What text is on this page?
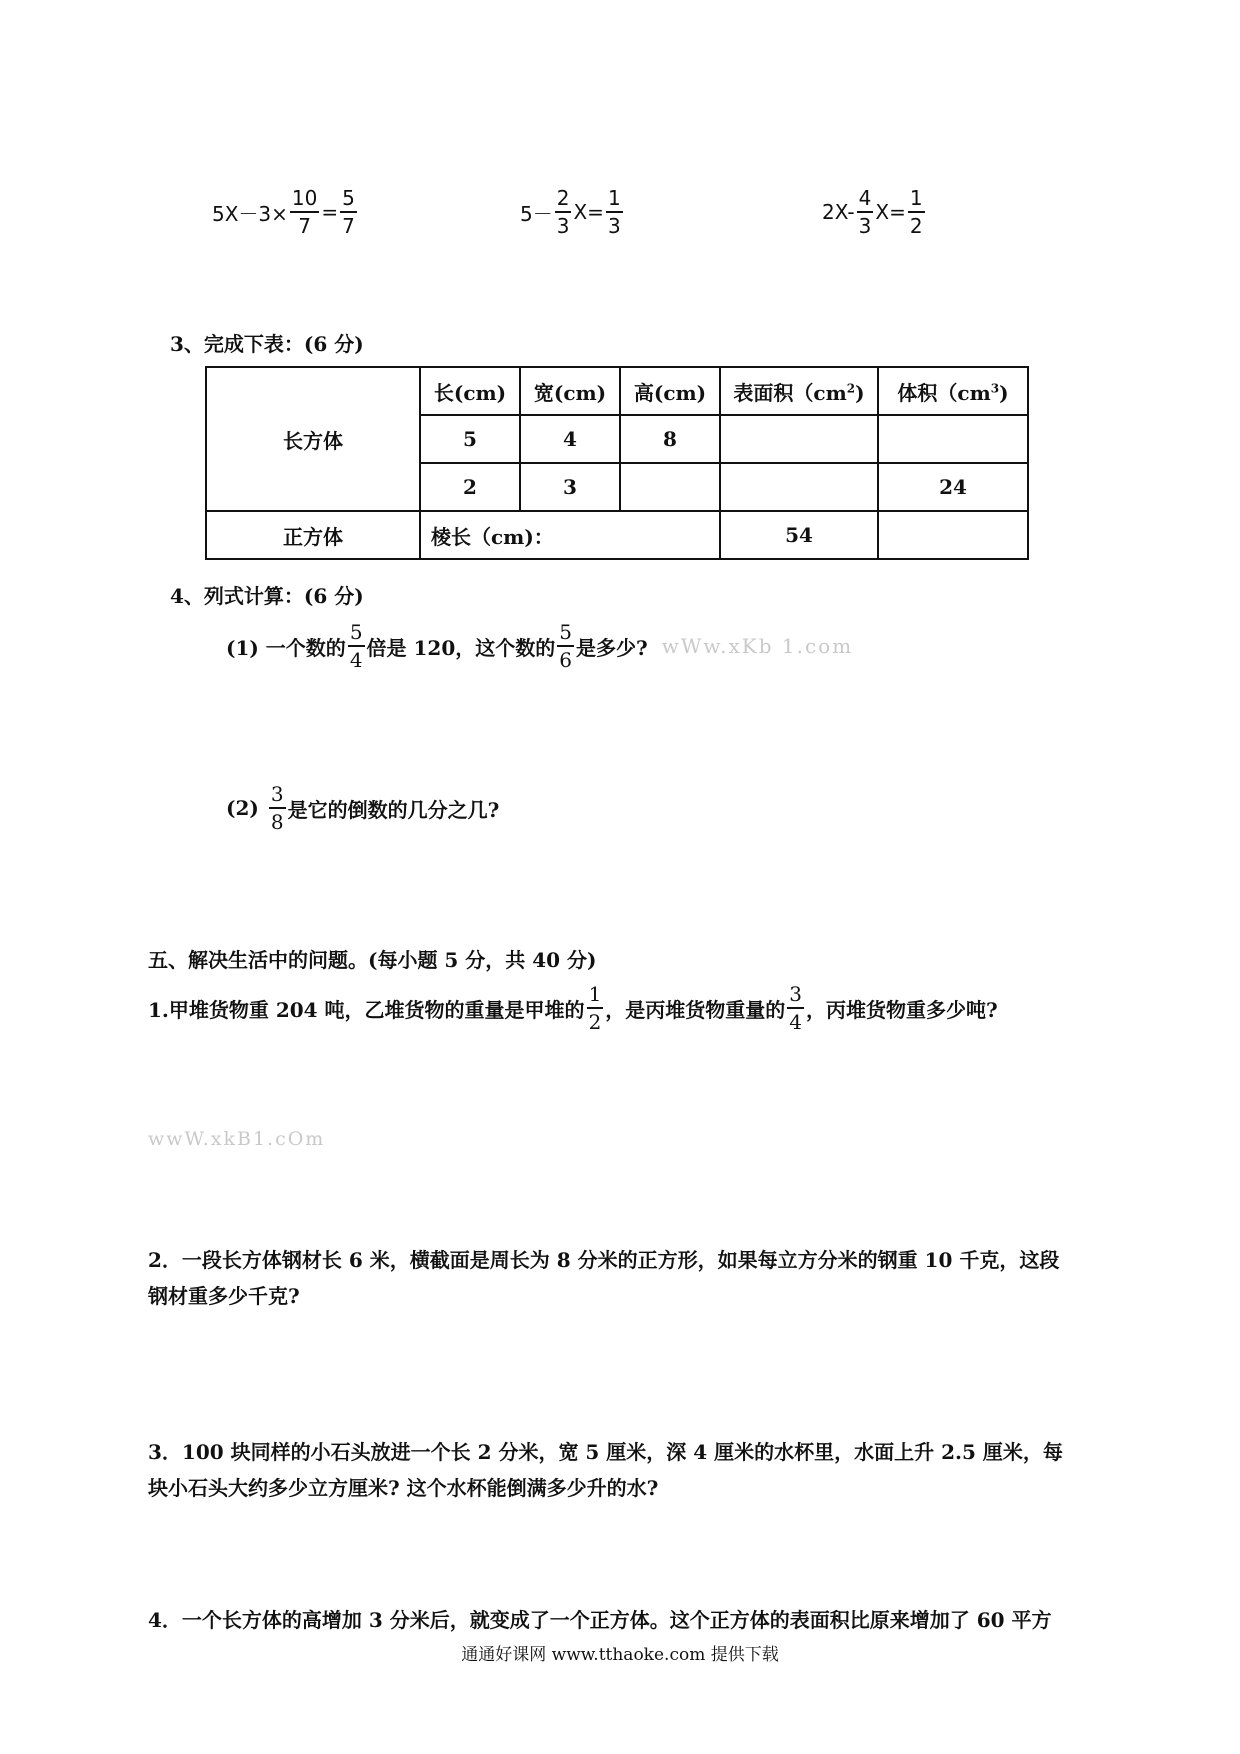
$5X-3\times \frac{10}{7} = \frac{5}{7}$	$5- \frac{2}{3} X= \frac{1}{3}$	$2X- \frac{4}{3} X= \frac{1}{2}$
3、完成下表：(6 分)
长方体	长(cm)	宽(cm)	高(cm)	表面积$(cm^2)$	体积$(cm^3)$
	5	4	8		
	2	3			24
正方体	棱长（cm)：			54	
4、列式计算：(6 分)
(1) 一个数的 $\frac{5}{4}$ 倍是 120，这个数的 $\frac{5}{6}$ 是多少? wWw.xKb 1.com
$(2) \frac{3}{8}$ 是它的倒数的几分之几?
五、解决生活中的问题。(每小题 5 分，共 40 分)
1.甲堆货物重 204 吨，乙堆货物的重量是甲堆的 $\frac{1}{2}$ ，是丙堆货物重量的 $\frac{3}{4}$ ，丙堆货物重多少吨?
wwW.xkB1.cOm
2．一段长方体钢材长 6 米，横截面是周长为 8 分米的正方形，如果每立方分米的钢重 10 千克，这段
钢材重多少千克?
3．100 块同样的小石头放进一个长 2 分米，宽 5 厘米，深 4 厘米的水杯里，水面上升 2.5 厘米，每
块小石头大约多少立方厘米? 这个水杯能倒满多少升的水?
4．一个长方体的高增加 3 分米后，就变成了一个正方体。这个正方体的表面积比原来增加了 60 平方
通通好课网 www.tthaoke.com 提供下载
